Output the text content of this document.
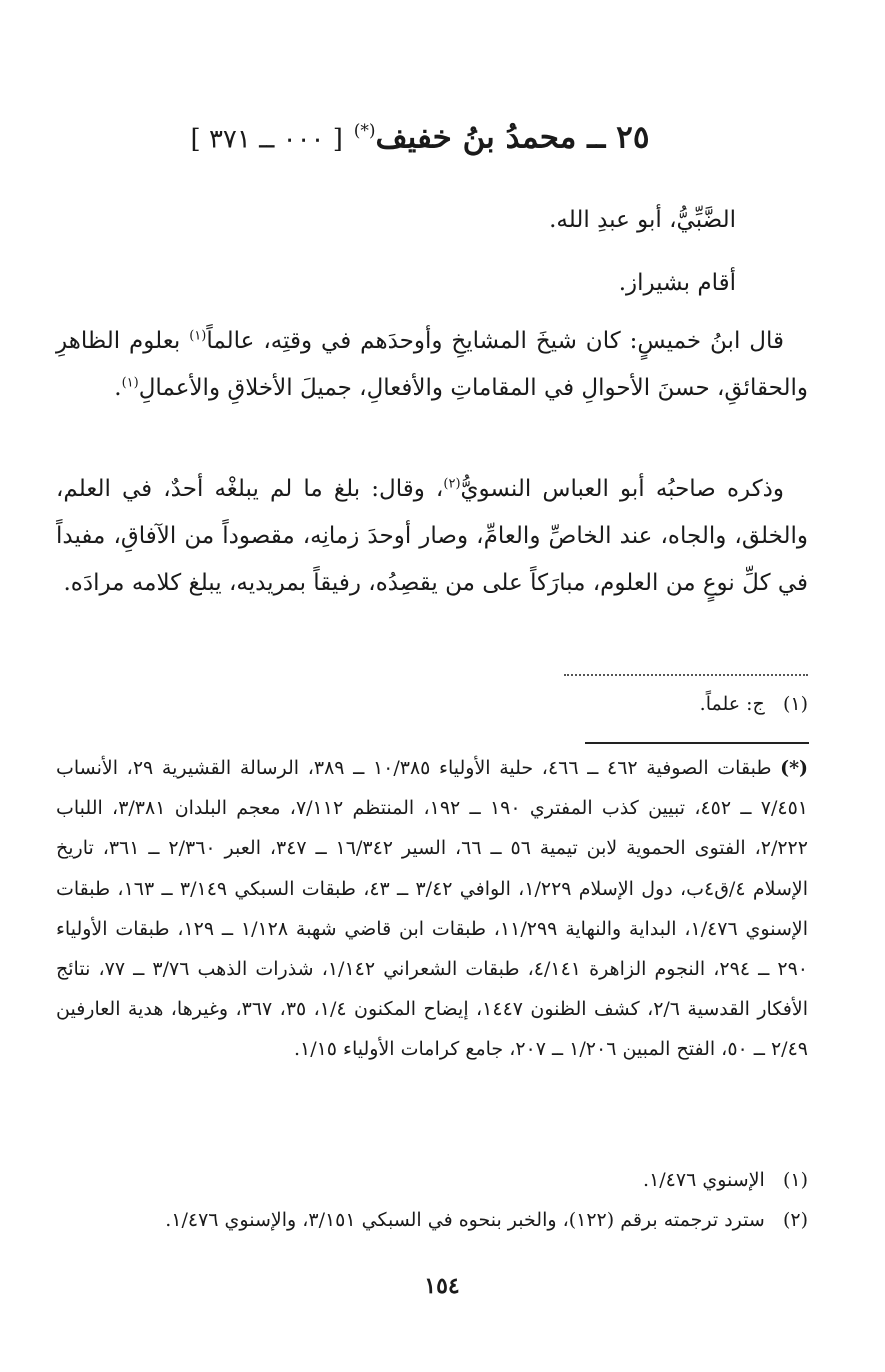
٢٥ ــ محمدُ بنُ خفيف(*) [ ٠٠٠ ــ ٣٧١ ]
الضَّبِّيُّ، أبو عبدِ الله.
أقام بشيراز.
قال ابنُ خميسٍ: كان شيخَ المشايخِ وأوحدَهم في وقتِه، عالماً$^{(١)}$ بعلوم الظاهرِ والحقائقِ، حسنَ الأحوالِ في المقاماتِ والأفعالِ، جميلَ الأخلاقِ والأعمالِ$^{(١)}$.
وذكره صاحبُه أبو العباس النسويُّ$^{(٢)}$، وقال: بلغ ما لم يبلغْه أحدٌ، في العلم، والخلق، والجاه، عند الخاصِّ والعامِّ، وصار أوحدَ زمانِه، مقصوداً من الآفاقِ، مفيداً في كلِّ نوعٍ من العلوم، مبارَكاً على من يقصِدُه، رفيقاً بمريديه، يبلغ كلامه مرادَه.
(١)   ج: علماً.
(*) طبقات الصوفية ٤٦٢ ــ ٤٦٦، حلية الأولياء ١٠/٣٨٥ ــ ٣٨٩، الرسالة القشيرية ٢٩، الأنساب ٧/٤٥١ ــ ٤٥٢، تبيين كذب المفتري ١٩٠ ــ ١٩٢، المنتظم ٧/١١٢، معجم البلدان ٣/٣٨١، اللباب ٢/٢٢٢، الفتوى الحموية لابن تيمية ٥٦ ــ ٦٦، السير ١٦/٣٤٢ ــ ٣٤٧، العبر ٢/٣٦٠ ــ ٣٦١، تاريخ الإسلام ٤/ق٤ب، دول الإسلام ١/٢٢٩، الوافي ٣/٤٢ ــ ٤٣، طبقات السبكي ٣/١٤٩ ــ ١٦٣، طبقات الإسنوي ١/٤٧٦، البداية والنهاية ١١/٢٩٩، طبقات ابن قاضي شهبة ١/١٢٨ ــ ١٢٩، طبقات الأولياء ٢٩٠ ــ ٢٩٤، النجوم الزاهرة ٤/١٤١، طبقات الشعراني ١/١٤٢، شذرات الذهب ٣/٧٦ ــ ٧٧، نتائج الأفكار القدسية ٢/٦، كشف الظنون ١٤٤٧، إيضاح المكنون ١/٤، ٣٥، ٣٦٧، وغيرها، هدية العارفين ٢/٤٩ ــ ٥٠، الفتح المبين ١/٢٠٦ ــ ٢٠٧، جامع كرامات الأولياء ١/١٥.
(١)   الإسنوي ١/٤٧٦.
(٢)   سترد ترجمته برقم (١٢٢)، والخبر بنحوه في السبكي ٣/١٥١، والإسنوي ١/٤٧٦.
١٥٤
